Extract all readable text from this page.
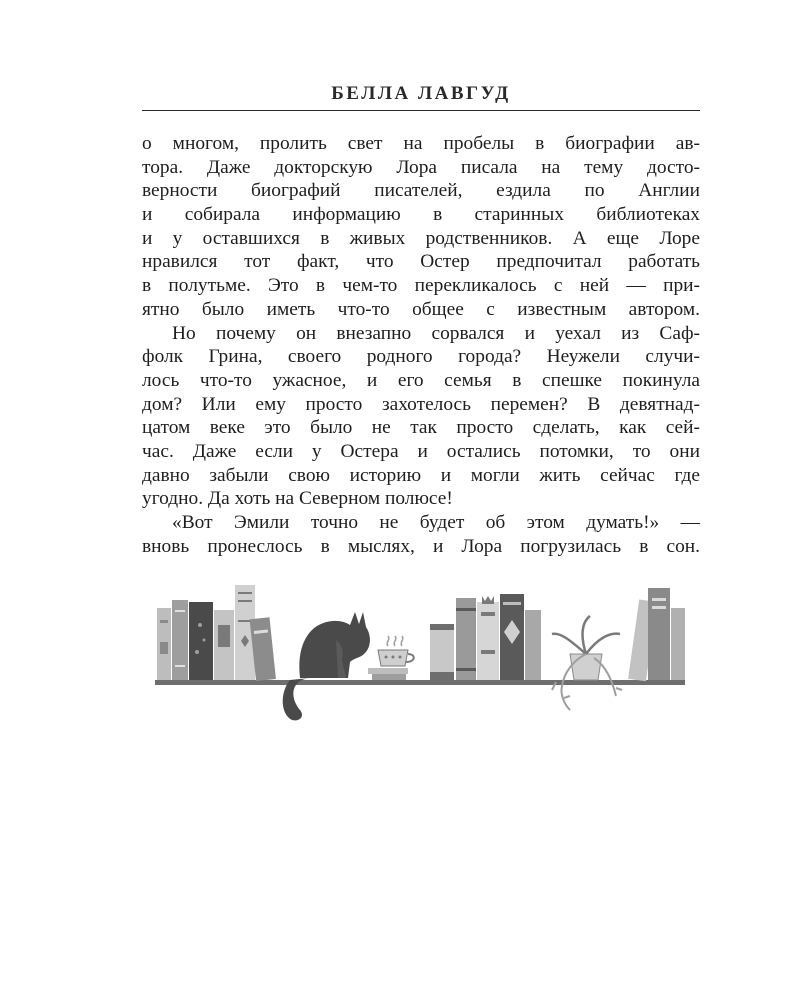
БЕЛЛА ЛАВГУД
о многом, пролить свет на пробелы в биографии ав-
тора. Даже докторскую Лора писала на тему досто-
верности биографий писателей, ездила по Англии
и собирала информацию в старинных библиотеках
и у оставшихся в живых родственников. А еще Лоре
нравился тот факт, что Остер предпочитал работать
в полутьме. Это в чем-то перекликалось с ней — при-
ятно было иметь что-то общее с известным автором.
Но почему он внезапно сорвался и уехал из Саф-
фолк Грина, своего родного города? Неужели случи-
лось что-то ужасное, и его семья в спешке покинула
дом? Или ему просто захотелось перемен? В девятнад-
цатом веке это было не так просто сделать, как сей-
час. Даже если у Остера и остались потомки, то они
давно забыли свою историю и могли жить сейчас где
угодно. Да хоть на Северном полюсе!
«Вот Эмили точно не будет об этом думать!» —
вновь пронеслось в мыслях, и Лора погрузилась в сон.
